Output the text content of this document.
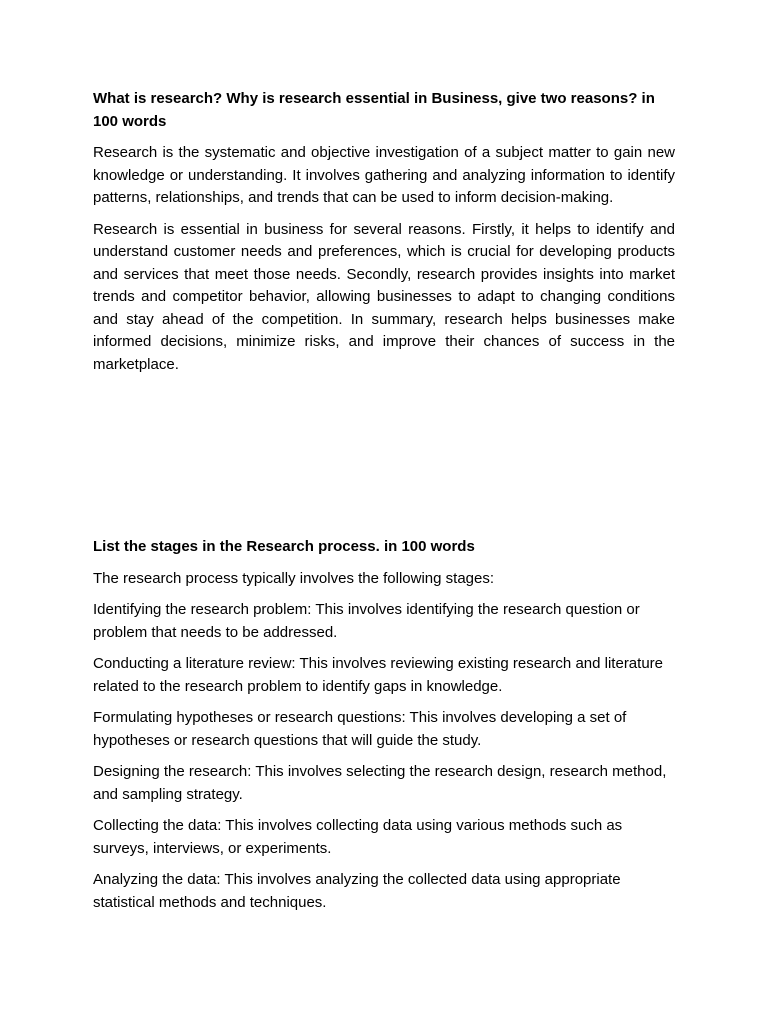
What is research? Why is research essential in Business, give two reasons? in 100 words

Research is the systematic and objective investigation of a subject matter to gain new knowledge or understanding. It involves gathering and analyzing information to identify patterns, relationships, and trends that can be used to inform decision-making.

Research is essential in business for several reasons. Firstly, it helps to identify and understand customer needs and preferences, which is crucial for developing products and services that meet those needs. Secondly, research provides insights into market trends and competitor behavior, allowing businesses to adapt to changing conditions and stay ahead of the competition. In summary, research helps businesses make informed decisions, minimize risks, and improve their chances of success in the marketplace.

List the stages in the Research process. in 100 words

The research process typically involves the following stages:

Identifying the research problem: This involves identifying the research question or problem that needs to be addressed.

Conducting a literature review: This involves reviewing existing research and literature related to the research problem to identify gaps in knowledge.

Formulating hypotheses or research questions: This involves developing a set of hypotheses or research questions that will guide the study.

Designing the research: This involves selecting the research design, research method, and sampling strategy.

Collecting the data: This involves collecting data using various methods such as surveys, interviews, or experiments.

Analyzing the data: This involves analyzing the collected data using appropriate statistical methods and techniques.
